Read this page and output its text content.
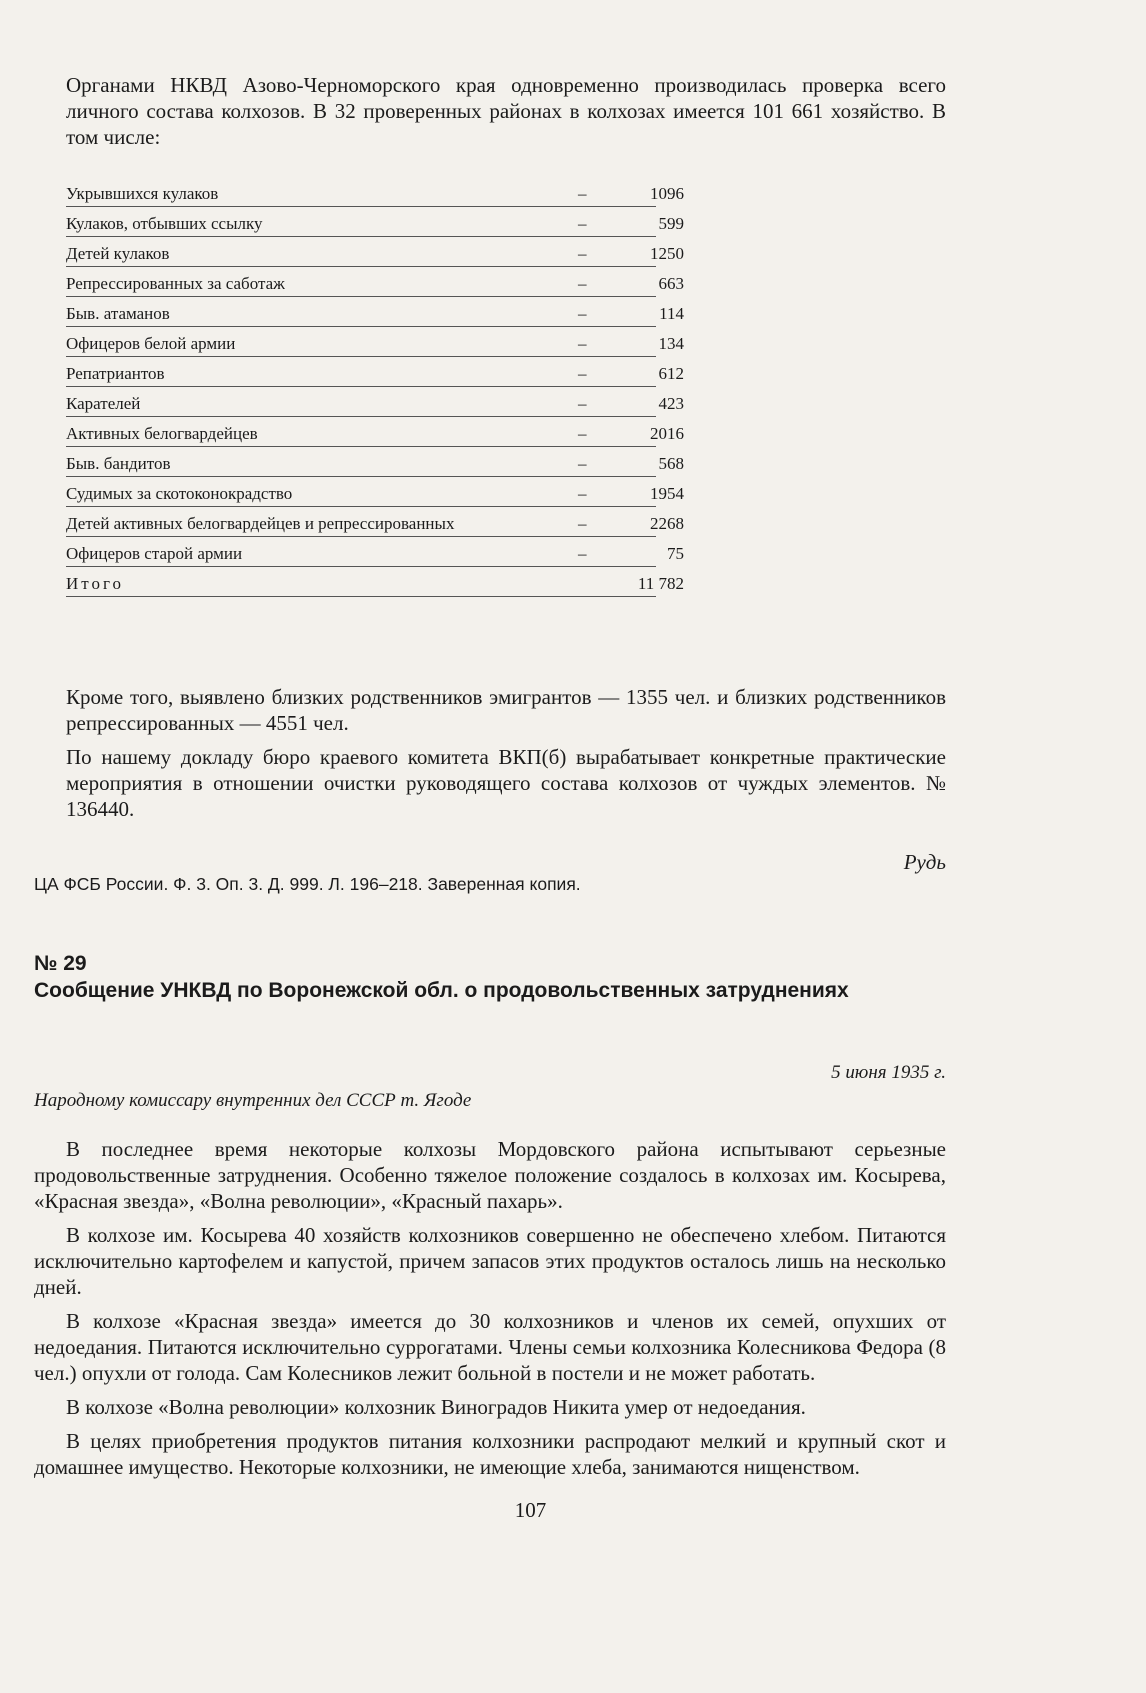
Органами НКВД Азово-Черноморского края одновременно производилась проверка всего личного состава колхозов. В 32 проверенных районах в колхозах имеется 101 661 хозяйство. В том числе:

Укрывшихся кулаков	–	1096
Кулаков, отбывших ссылку	–	599
Детей кулаков	–	1250
Репрессированных за саботаж	–	663
Быв. атаманов	–	114
Офицеров белой армии	–	134
Репатриантов	–	612
Карателей	–	423
Активных белогвардейцев	–	2016
Быв. бандитов	–	568
Судимых за скотоконокрадство	–	1954
Детей активных белогвардейцев и репрессированных	–	2268
Офицеров старой армии	–	75
Итого	11 782

Кроме того, выявлено близких родственников эмигрантов — 1355 чел. и близких родственников репрессированных — 4551 чел.

По нашему докладу бюро краевого комитета ВКП(б) вырабатывает конкретные практические мероприятия в отношении очистки руководящего состава колхозов от чуждых элементов. № 136440.

Рудь
ЦА ФСБ России. Ф. 3. Оп. 3. Д. 999. Л. 196–218. Заверенная копия.
№ 29
Сообщение УНКВД по Воронежской обл. о продовольственных затруднениях
5 июня 1935 г.
Народному комиссару внутренних дел СССР т. Ягоде

В последнее время некоторые колхозы Мордовского района испытывают серьезные продовольственные затруднения. Особенно тяжелое положение создалось в колхозах им. Косырева, «Красная звезда», «Волна революции», «Красный пахарь».

В колхозе им. Косырева 40 хозяйств колхозников совершенно не обеспечено хлебом. Питаются исключительно картофелем и капустой, причем запасов этих продуктов осталось лишь на несколько дней.

В колхозе «Красная звезда» имеется до 30 колхозников и членов их семей, опухших от недоедания. Питаются исключительно суррогатами. Члены семьи колхозника Колесникова Федора (8 чел.) опухли от голода. Сам Колесников лежит больной в постели и не может работать.

В колхозе «Волна революции» колхозник Виноградов Никита умер от недоедания.

В целях приобретения продуктов питания колхозники распродают мелкий и крупный скот и домашнее имущество. Некоторые колхозники, не имеющие хлеба, занимаются нищенством.

107
